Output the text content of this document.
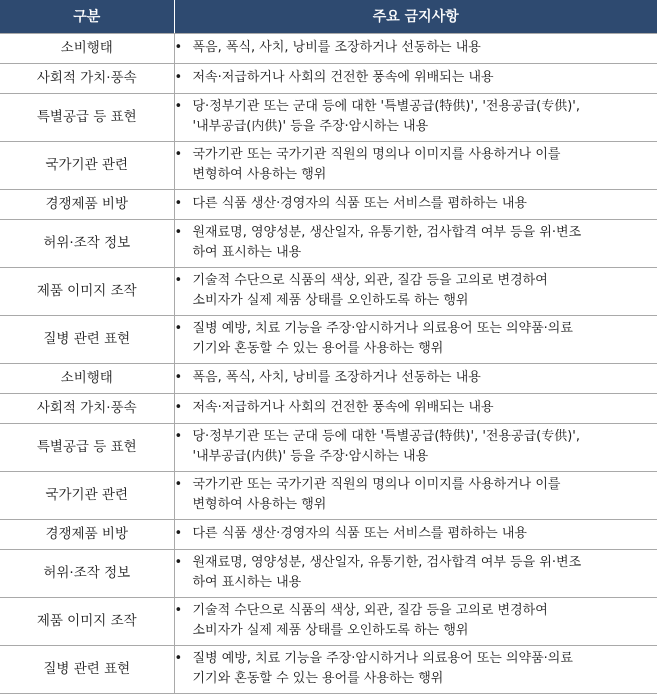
구분	주요 금지사항
소비행태	• 폭음, 폭식, 사치, 낭비를 조장하거나 선동하는 내용

사회적 가치·풍속	• 저속·저급하거나 사회의 건전한 풍속에 위배되는 내용

특별공급 등 표현	• 당·정부기관 또는 군대 등에 대한 '특별공급(特供)', '전용공급(专供)',
'내부공급(内供)' 등을 주장·암시하는 내용

국가기관 관련	• 국가기관 또는 국가기관 직원의 명의나 이미지를 사용하거나 이를
변형하여 사용하는 행위

경쟁제품 비방	• 다른 식품 생산·경영자의 식품 또는 서비스를 폄하하는 내용

허위·조작 정보	• 원재료명, 영양성분, 생산일자, 유통기한, 검사합격 여부 등을 위·변조
하여 표시하는 내용

제품 이미지 조작	• 기술적 수단으로 식품의 색상, 외관, 질감 등을 고의로 변경하여
소비자가 실제 제품 상태를 오인하도록 하는 행위

질병 관련 표현	• 질병 예방, 치료 기능을 주장·암시하거나 의료용어 또는 의약품·의료
기기와 혼동할 수 있는 용어를 사용하는 행위

소비행태	• 폭음, 폭식, 사치, 낭비를 조장하거나 선동하는 내용

사회적 가치·풍속	• 저속·저급하거나 사회의 건전한 풍속에 위배되는 내용

특별공급 등 표현	• 당·정부기관 또는 군대 등에 대한 '특별공급(特供)', '전용공급(专供)',
'내부공급(内供)' 등을 주장·암시하는 내용

국가기관 관련	• 국가기관 또는 국가기관 직원의 명의나 이미지를 사용하거나 이를
변형하여 사용하는 행위

경쟁제품 비방	• 다른 식품 생산·경영자의 식품 또는 서비스를 폄하하는 내용

허위·조작 정보	• 원재료명, 영양성분, 생산일자, 유통기한, 검사합격 여부 등을 위·변조
하여 표시하는 내용

제품 이미지 조작	• 기술적 수단으로 식품의 색상, 외관, 질감 등을 고의로 변경하여
소비자가 실제 제품 상태를 오인하도록 하는 행위

질병 관련 표현	• 질병 예방, 치료 기능을 주장·암시하거나 의료용어 또는 의약품·의료
기기와 혼동할 수 있는 용어를 사용하는 행위
